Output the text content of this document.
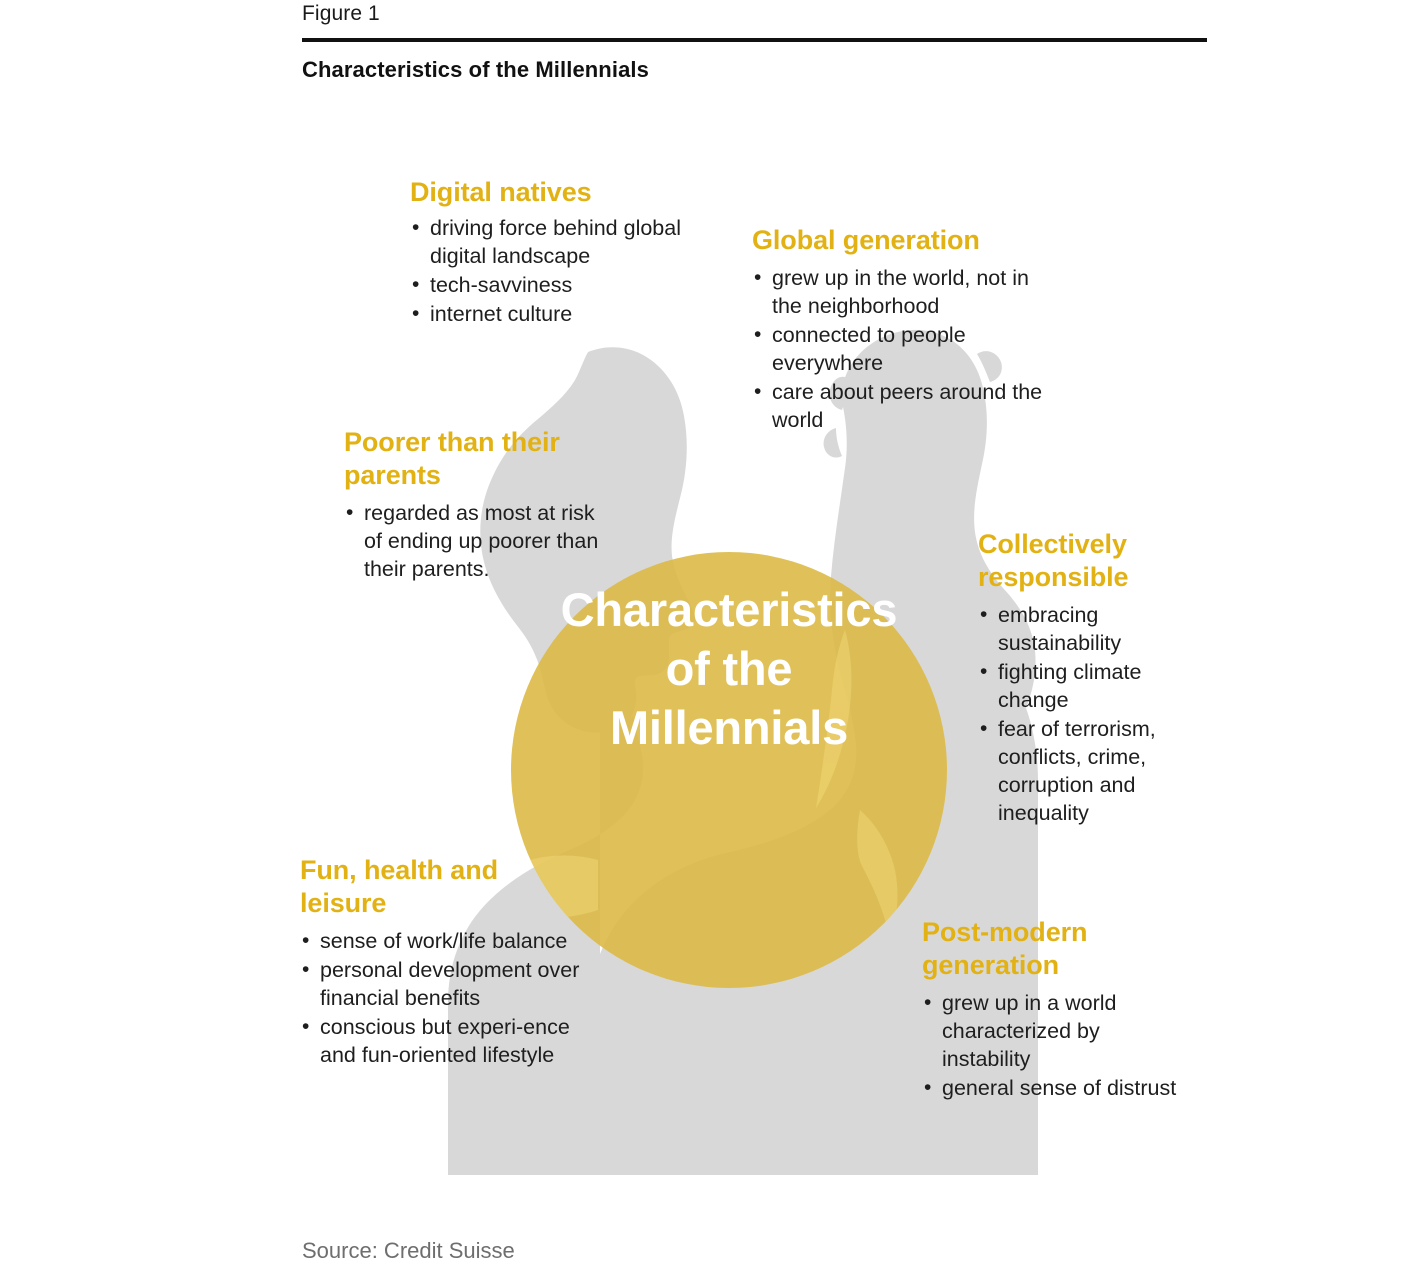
Figure 1
Characteristics of the Millennials
Characteristics
of the
Millennials
Digital natives
• driving force behind global digital landscape
• tech-savviness
• internet culture
Global generation
• grew up in the world, not in the neighborhood
• connected to people everywhere
• care about peers around the world
Poorer than their parents
• regarded as most at risk of ending up poorer than their parents.
Collectively responsible
• embracing sustainability
• fighting climate change
• fear of terrorism, conflicts, crime, corruption and inequality
Fun, health and leisure
• sense of work/life balance
• personal development over financial benefits
• conscious but experi-ence and fun-oriented lifestyle
Post-modern generation
• grew up in a world characterized by instability
• general sense of distrust
Source: Credit Suisse
